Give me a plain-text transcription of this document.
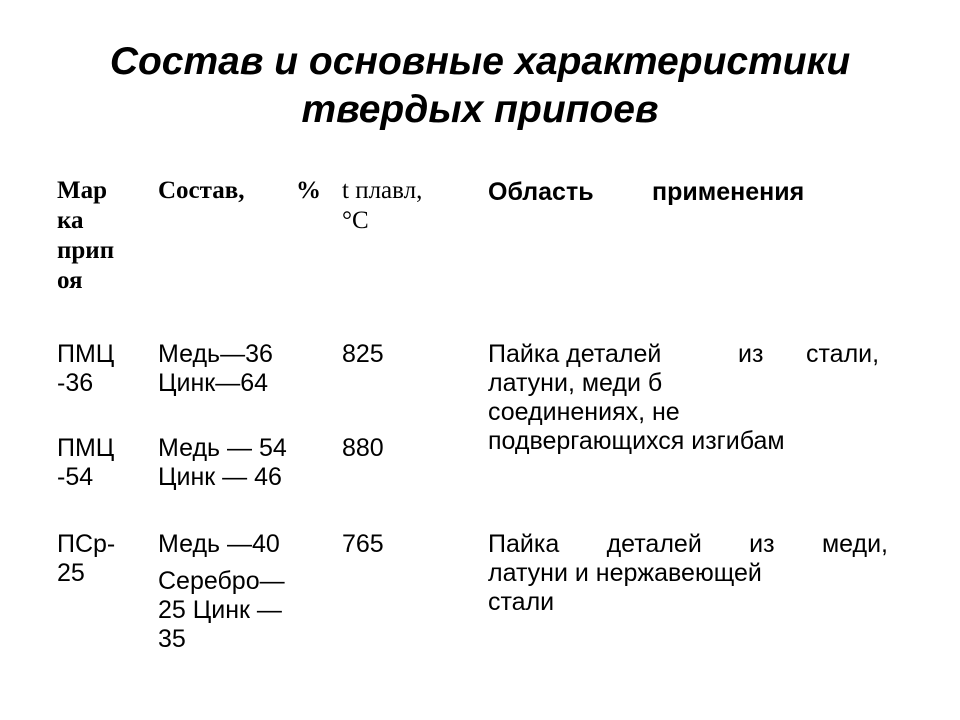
Состав и основные характеристики
твердых припоев
Мар
ка
прип
оя
Состав, % t плавл,
°C
Область применения
ПМЦ
-36
Медь—36
Цинк—64
825
ПМЦ
-54
Медь — 54
Цинк — 46
880
Пайка деталей	из стали,
латуни, меди б
соединениях, не
подвергающихся изгибам
ПСр-
25
Медь —40
Серебро—
25 Цинк —
35
765	Пайка деталей из меди,
латуни и нержавеющей
стали
